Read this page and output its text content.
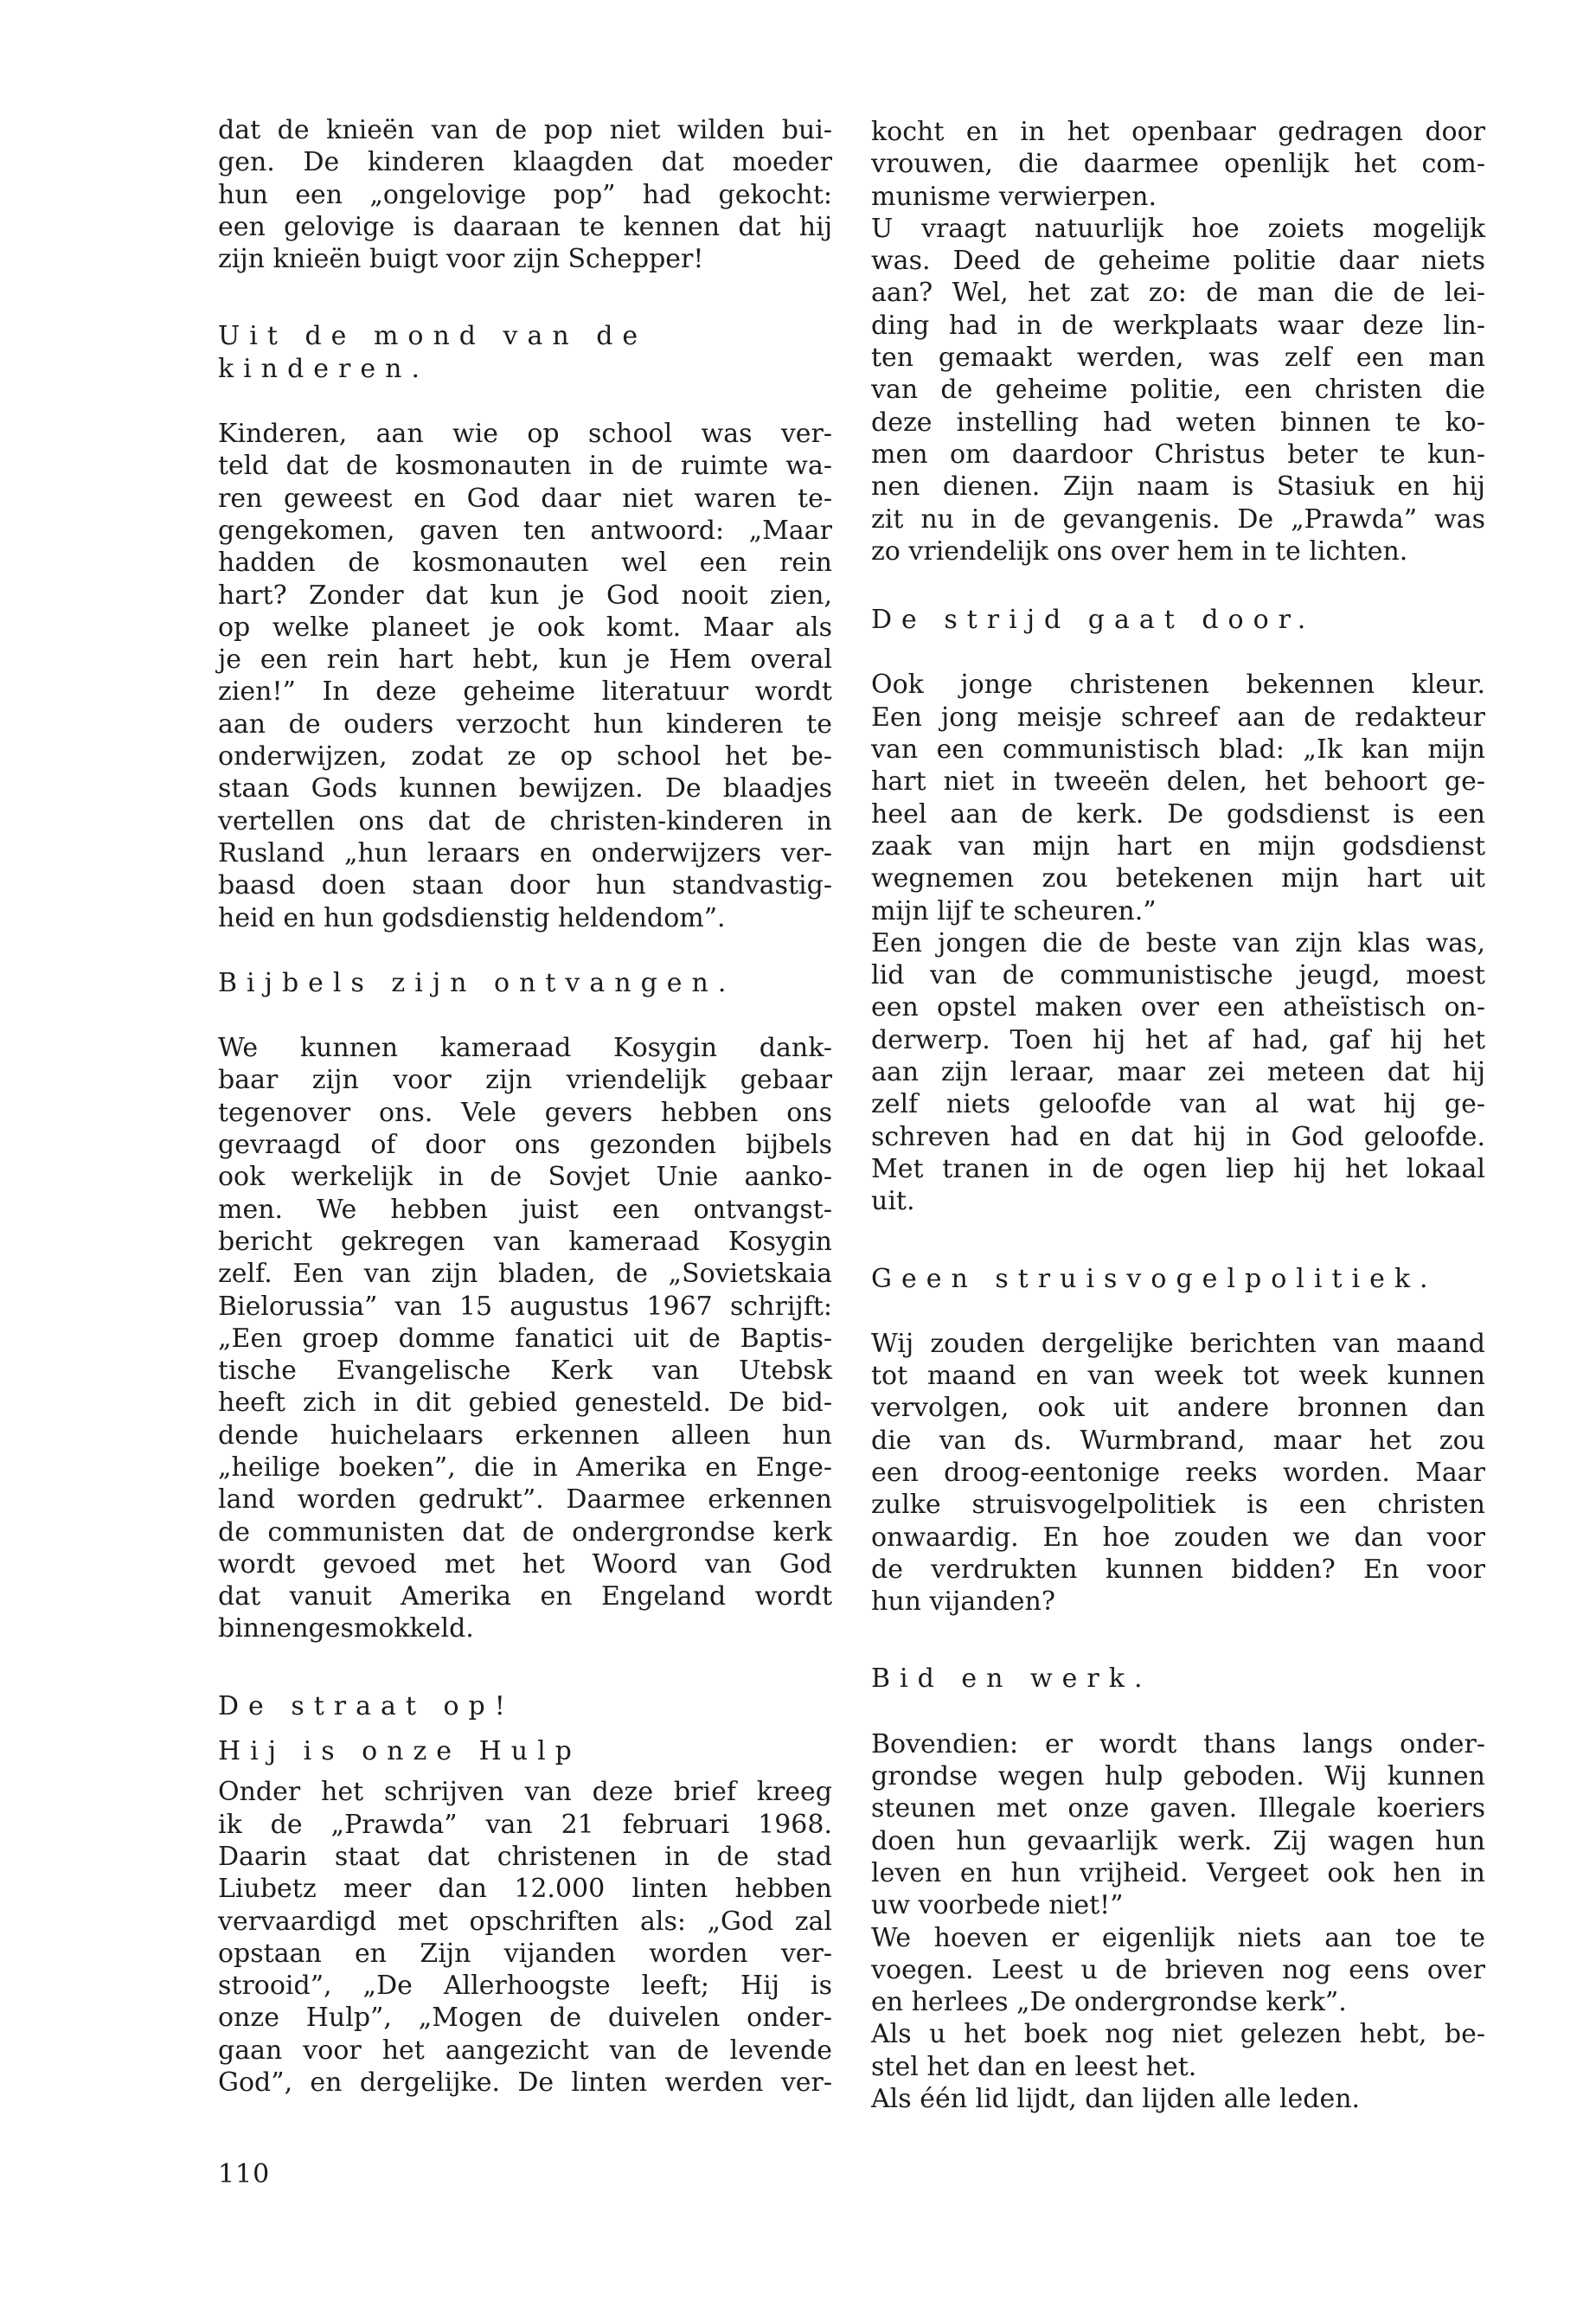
dat de knieën van de pop niet wilden bui-

gen. De kinderen klaagden dat moeder

hun een „ongelovige pop” had gekocht:

een gelovige is daaraan te kennen dat hij

zijn knieën buigt voor zijn Schepper!

Uit de mond van de
kinderen.

Kinderen, aan wie op school was ver-

teld dat de kosmonauten in de ruimte wa-

ren geweest en God daar niet waren te-

gengekomen, gaven ten antwoord: „Maar

hadden de kosmonauten wel een rein

hart? Zonder dat kun je God nooit zien,

op welke planeet je ook komt. Maar als

je een rein hart hebt, kun je Hem overal

zien!” In deze geheime literatuur wordt

aan de ouders verzocht hun kinderen te

onderwijzen, zodat ze op school het be-

staan Gods kunnen bewijzen. De blaadjes

vertellen ons dat de christen-kinderen in

Rusland „hun leraars en onderwijzers ver-

baasd doen staan door hun standvastig-

heid en hun godsdienstig heldendom”.

Bijbels zijn ontvangen.

We kunnen kameraad Kosygin dank-

baar zijn voor zijn vriendelijk gebaar

tegenover ons. Vele gevers hebben ons

gevraagd of door ons gezonden bijbels

ook werkelijk in de Sovjet Unie aanko-

men. We hebben juist een ontvangst-

bericht gekregen van kameraad Kosygin

zelf. Een van zijn bladen, de „Sovietskaia

Bielorussia” van 15 augustus 1967 schrijft:

„Een groep domme fanatici uit de Baptis-

tische Evangelische Kerk van Utebsk

heeft zich in dit gebied genesteld. De bid-

dende huichelaars erkennen alleen hun

„heilige boeken”, die in Amerika en Enge-

land worden gedrukt”. Daarmee erkennen

de communisten dat de ondergrondse kerk

wordt gevoed met het Woord van God

dat vanuit Amerika en Engeland wordt

binnengesmokkeld.

De straat op!
Hij is onze Hulp

Onder het schrijven van deze brief kreeg

ik de „Prawda” van 21 februari 1968.

Daarin staat dat christenen in de stad

Liubetz meer dan 12.000 linten hebben

vervaardigd met opschriften als: „God zal

opstaan en Zijn vijanden worden ver-

strooid”, „De Allerhoogste leeft; Hij is

onze Hulp”, „Mogen de duivelen onder-

gaan voor het aangezicht van de levende

God”, en dergelijke. De linten werden ver-

kocht en in het openbaar gedragen door

vrouwen, die daarmee openlijk het com-

munisme verwierpen.

U vraagt natuurlijk hoe zoiets mogelijk

was. Deed de geheime politie daar niets

aan? Wel, het zat zo: de man die de lei-

ding had in de werkplaats waar deze lin-

ten gemaakt werden, was zelf een man

van de geheime politie, een christen die

deze instelling had weten binnen te ko-

men om daardoor Christus beter te kun-

nen dienen. Zijn naam is Stasiuk en hij

zit nu in de gevangenis. De „Prawda” was

zo vriendelijk ons over hem in te lichten.

De strijd gaat door.

Ook jonge christenen bekennen kleur.

Een jong meisje schreef aan de redakteur

van een communistisch blad: „Ik kan mijn

hart niet in tweeën delen, het behoort ge-

heel aan de kerk. De godsdienst is een

zaak van mijn hart en mijn godsdienst

wegnemen zou betekenen mijn hart uit

mijn lijf te scheuren.”

Een jongen die de beste van zijn klas was,

lid van de communistische jeugd, moest

een opstel maken over een atheïstisch on-

derwerp. Toen hij het af had, gaf hij het

aan zijn leraar, maar zei meteen dat hij

zelf niets geloofde van al wat hij ge-

schreven had en dat hij in God geloofde.

Met tranen in de ogen liep hij het lokaal

uit.

Geen struisvogelpolitiek.

Wij zouden dergelijke berichten van maand

tot maand en van week tot week kunnen

vervolgen, ook uit andere bronnen dan

die van ds. Wurmbrand, maar het zou

een droog-eentonige reeks worden. Maar

zulke struisvogelpolitiek is een christen

onwaardig. En hoe zouden we dan voor

de verdrukten kunnen bidden? En voor

hun vijanden?

Bid en werk.

Bovendien: er wordt thans langs onder-

grondse wegen hulp geboden. Wij kunnen

steunen met onze gaven. Illegale koeriers

doen hun gevaarlijk werk. Zij wagen hun

leven en hun vrijheid. Vergeet ook hen in

uw voorbede niet!”

We hoeven er eigenlijk niets aan toe te

voegen. Leest u de brieven nog eens over

en herlees „De ondergrondse kerk”.

Als u het boek nog niet gelezen hebt, be-

stel het dan en leest het.

Als één lid lijdt, dan lijden alle leden.

110
